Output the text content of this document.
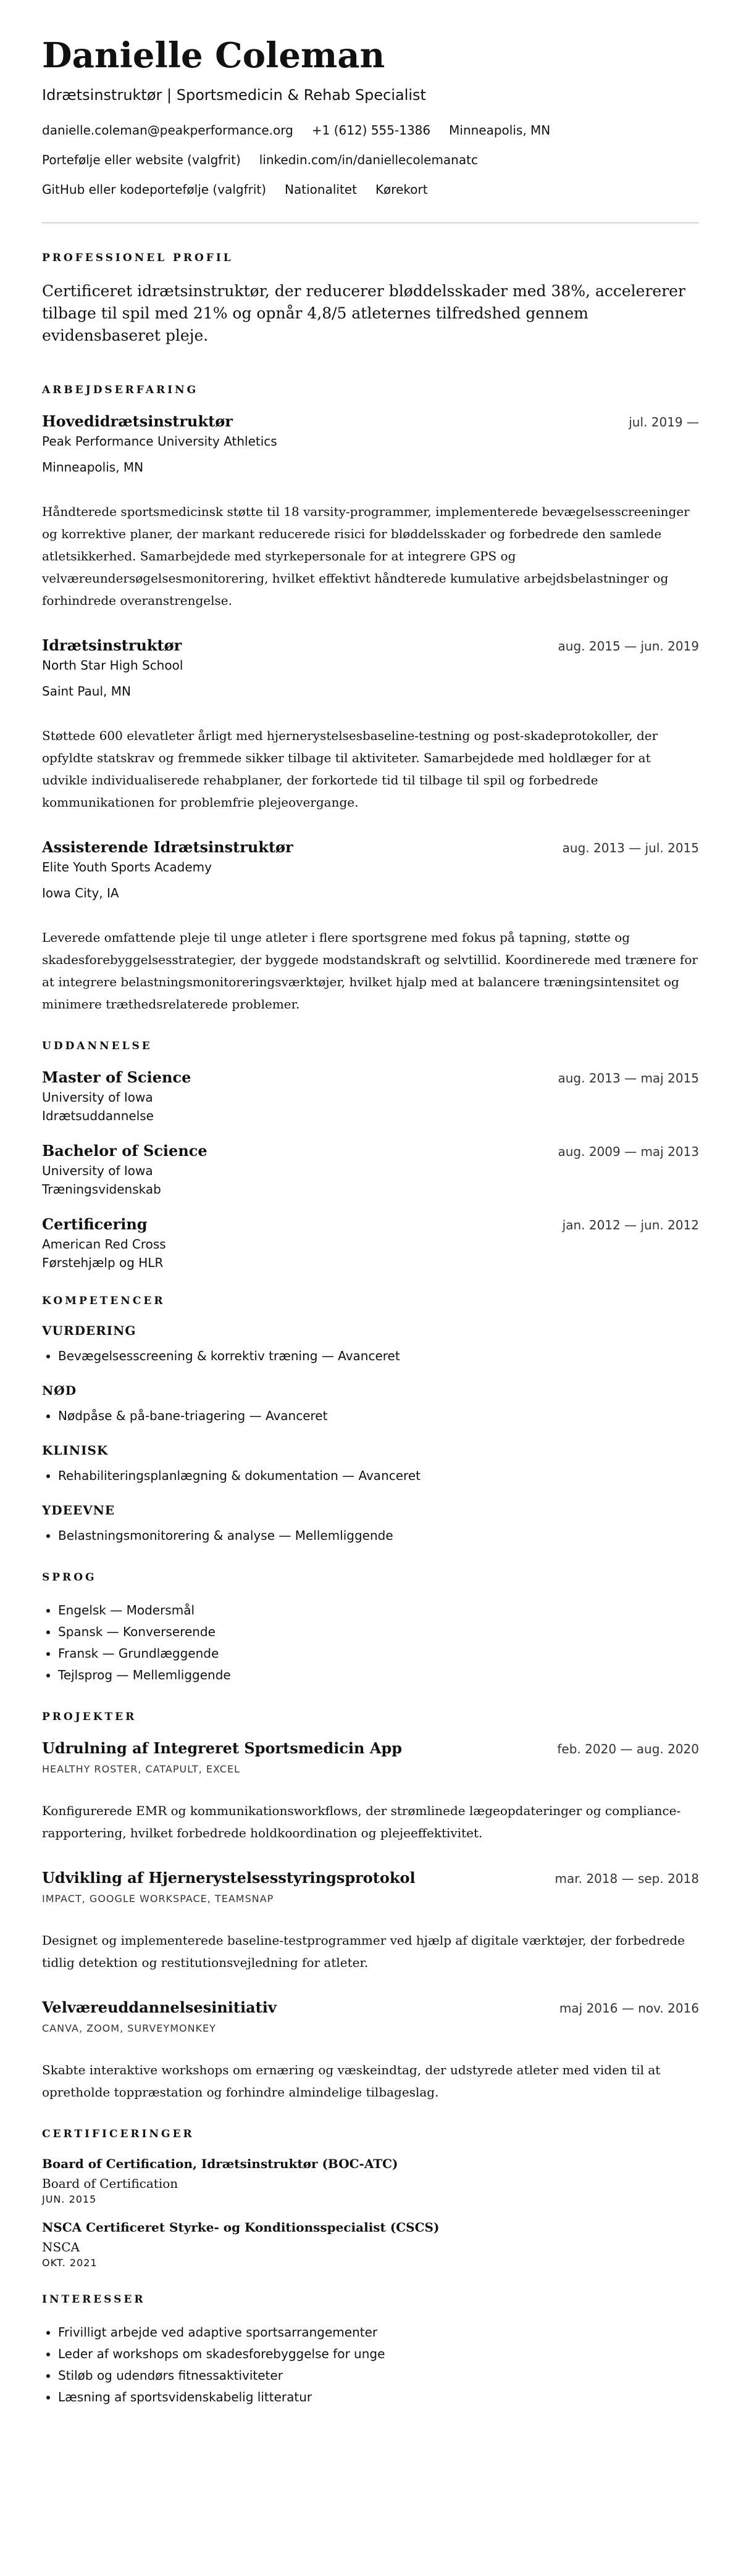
Danielle Coleman
Idrætsinstruktør | Sportsmedicin & Rehab Specialist
danielle.coleman@peakperformance.org +1 (612) 555-1386 Minneapolis, MN
Portefølje eller website (valgfrit) linkedin.com/in/daniellecolemanatc
GitHub eller kodeportefølje (valgfrit) Nationalitet Kørekort
PROFESSIONEL PROFIL
Certificeret idrætsinstruktør, der reducerer bløddelsskader med 38%, accelererer tilbage til spil med 21% og opnår 4,8/5 atleternes tilfredshed gennem evidensbaseret pleje.
ARBEJDSERFARING
Hovedidrætsinstruktør	jul. 2019 —
Peak Performance University Athletics
Minneapolis, MN
Håndterede sportsmedicinsk støtte til 18 varsity-programmer, implementerede bevægelsesscreeninger og korrektive planer, der markant reducerede risici for bløddelsskader og forbedrede den samlede atletsikkerhed. Samarbejdede med styrkepersonale for at integrere GPS og velværeundersøgelsesmonitorering, hvilket effektivt håndterede kumulative arbejdsbelastninger og forhindrede overanstrengelse.
Idrætsinstruktør	aug. 2015 — jun. 2019
North Star High School
Saint Paul, MN
Støttede 600 elevatleter årligt med hjernerystelsesbaseline-testning og post-skadeprotokoller, der opfyldte statskrav og fremmede sikker tilbage til aktiviteter. Samarbejdede med holdlæger for at udvikle individualiserede rehabplaner, der forkortede tid til tilbage til spil og forbedrede kommunikationen for problemfrie plejeovergange.
Assisterende Idrætsinstruktør	aug. 2013 — jul. 2015
Elite Youth Sports Academy
Iowa City, IA
Leverede omfattende pleje til unge atleter i flere sportsgrene med fokus på tapning, støtte og skadesforebyggelsesstrategier, der byggede modstandskraft og selvtillid. Koordinerede med trænere for at integrere belastningsmonitoreringsværktøjer, hvilket hjalp med at balancere træningsintensitet og minimere træthedsrelaterede problemer.
UDDANNELSE
Master of Science	aug. 2013 — maj 2015
University of Iowa
Idrætsuddannelse
Bachelor of Science	aug. 2009 — maj 2013
University of Iowa
Træningsvidenskab
Certificering	jan. 2012 — jun. 2012
American Red Cross
Førstehjælp og HLR
KOMPETENCER
VURDERING
• Bevægelsesscreening & korrektiv træning — Avanceret
NØD
• Nødpåse & på-bane-triagering — Avanceret
KLINISK
• Rehabiliteringsplanlægning & dokumentation — Avanceret
YDEEVNE
• Belastningsmonitorering & analyse — Mellemliggende
SPROG
• Engelsk — Modersmål
• Spansk — Konverserende
• Fransk — Grundlæggende
• Tejlsprog — Mellemliggende
PROJEKTER
Udrulning af Integreret Sportsmedicin App	feb. 2020 — aug. 2020
HEALTHY ROSTER, CATAPULT, EXCEL
Konfigurerede EMR og kommunikationsworkflows, der strømlinede lægeopdateringer og compliance-rapportering, hvilket forbedrede holdkoordination og plejeeffektivitet.
Udvikling af Hjernerystelsesstyringsprotokol	mar. 2018 — sep. 2018
IMPACT, GOOGLE WORKSPACE, TEAMSNAP
Designet og implementerede baseline-testprogrammer ved hjælp af digitale værktøjer, der forbedrede tidlig detektion og restitutionsvejledning for atleter.
Velværeuddannelsesinitiativ	maj 2016 — nov. 2016
CANVA, ZOOM, SURVEYMONKEY
Skabte interaktive workshops om ernæring og væskeindtag, der udstyrede atleter med viden til at opretholde toppræstation og forhindre almindelige tilbageslag.
CERTIFICERINGER
Board of Certification, Idrætsinstruktør (BOC-ATC)
Board of Certification
JUN. 2015
NSCA Certificeret Styrke- og Konditionsspecialist (CSCS)
NSCA
OKT. 2021
INTERESSER
• Frivilligt arbejde ved adaptive sportsarrangementer
• Leder af workshops om skadesforebyggelse for unge
• Stiløb og udendørs fitnessaktiviteter
• Læsning af sportsvidenskabelig litteratur
